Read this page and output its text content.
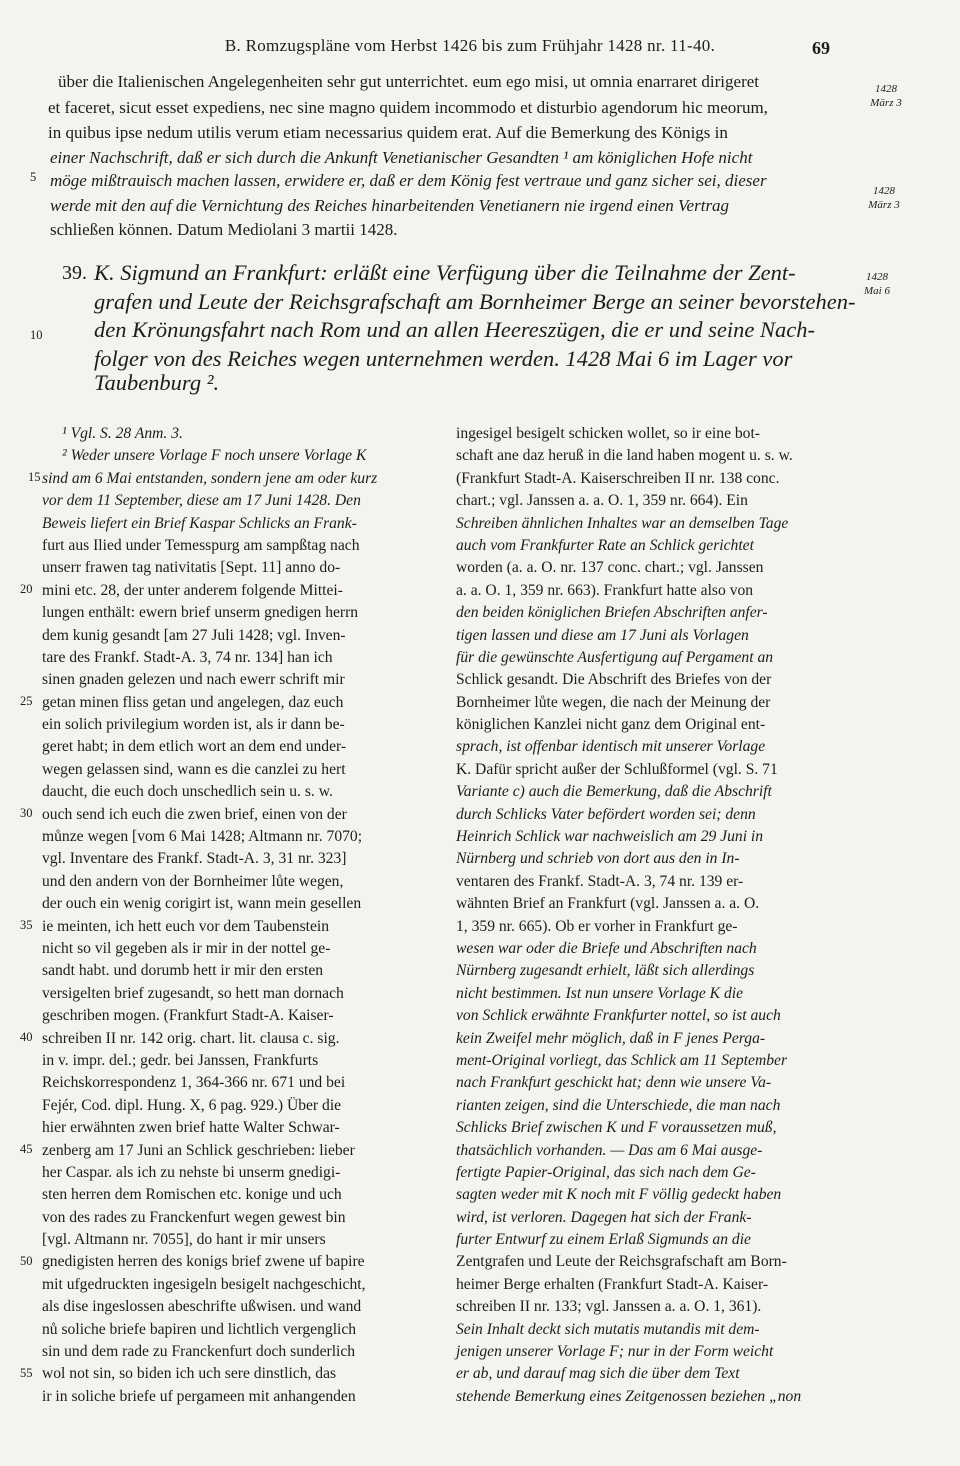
B. Romzugspläne vom Herbst 1426 bis zum Frühjahr 1428 nr. 11-40.	69
über die Italienischen Angelegenheiten sehr gut unterrichtet. eum ego misi, ut omnia enarraret dirigeret
et faceret, sicut esset expediens, nec sine magno quidem incommodo et disturbio agendorum hic meorum,
in quibus ipse nedum utilis verum etiam necessarius quidem erat. Auf die Bemerkung des Königs in
einer Nachschrift, daß er sich durch die Ankunft Venetianischer Gesandten ¹ am königlichen Hofe nicht
möge mißtrauisch machen lassen, erwidere er, daß er dem König fest vertraue und ganz sicher sei, dieser
werde mit den auf die Vernichtung des Reiches hinarbeitenden Venetianern nie irgend einen Vertrag
schließen können. Datum Mediolani 3 martii 1428.
1428
März 3
1428
März 3
39. K. Sigmund an Frankfurt: erläßt eine Verfügung über die Teilnahme der Zent-
grafen und Leute der Reichsgrafschaft am Bornheimer Berge an seiner bevorstehen-
den Krönungsfahrt nach Rom und an allen Heereszügen, die er und seine Nach-
folger von des Reiches wegen unternehmen werden. 1428 Mai 6 im Lager vor
Taubenburg ².
1428
Mai 6
5
10
15
20
25
30
35
40
45
50
55
¹ Vgl. S. 28 Anm. 3.
² Weder unsere Vorlage F noch unsere Vorlage K
sind am 6 Mai entstanden, sondern jene am oder kurz
vor dem 11 September, diese am 17 Juni 1428. Den
Beweis liefert ein Brief Kaspar Schlicks an Frank-
furt aus Ilied under Temesspurg am sampßtag nach
unserr frawen tag nativitatis [Sept. 11] anno do-
mini etc. 28, der unter anderem folgende Mittei-
lungen enthält: ewern brief unserm gnedigen herrn
dem kunig gesandt [am 27 Juli 1428; vgl. Inven-
tare des Frankf. Stadt-A. 3, 74 nr. 134] han ich
sinen gnaden gelezen und nach ewerr schrift mir
getan minen fliss getan und angelegen, daz euch
ein solich privilegium worden ist, als ir dann be-
geret habt; in dem etlich wort an dem end under-
wegen gelassen sind, wann es die canzlei zu hert
daucht, die euch doch unschedlich sein u. s. w.
ouch send ich euch die zwen brief, einen von der
můnze wegen [vom 6 Mai 1428; Altmann nr. 7070;
vgl. Inventare des Frankf. Stadt-A. 3, 31 nr. 323]
und den andern von der Bornheimer lůte wegen,
der ouch ein wenig corigirt ist, wann mein gesellen
ie meinten, ich hett euch vor dem Taubenstein
nicht so vil gegeben als ir mir in der nottel ge-
sandt habt. und dorumb hett ir mir den ersten
versigelten brief zugesandt, so hett man dornach
geschriben mogen. (Frankfurt Stadt-A. Kaiser-
schreiben II nr. 142 orig. chart. lit. clausa c. sig.
in v. impr. del.; gedr. bei Janssen, Frankfurts
Reichskorrespondenz 1, 364-366 nr. 671 und bei
Fejér, Cod. dipl. Hung. X, 6 pag. 929.) Über die
hier erwähnten zwen brief hatte Walter Schwar-
zenberg am 17 Juni an Schlick geschrieben: lieber
her Caspar. als ich zu nehste bi unserm gnedigi-
sten herren dem Romischen etc. konige und uch
von des rades zu Franckenfurt wegen gewest bin
[vgl. Altmann nr. 7055], do hant ir mir unsers
gnedigisten herren des konigs brief zwene uf bapire
mit ufgedruckten ingesigeln besigelt nachgeschicht,
als dise ingeslossen abeschrifte ußwisen. und wand
nů soliche briefe bapiren und lichtlich vergenglich
sin und dem rade zu Franckenfurt doch sunderlich
wol not sin, so biden ich uch sere dinstlich, das
ir in soliche briefe uf pergameen mit anhangenden
ingesigel besigelt schicken wollet, so ir eine bot-
schaft ane daz heruß in die land haben mogent u. s. w.
(Frankfurt Stadt-A. Kaiserschreiben II nr. 138 conc.
chart.; vgl. Janssen a. a. O. 1, 359 nr. 664). Ein
Schreiben ähnlichen Inhaltes war an demselben Tage
auch vom Frankfurter Rate an Schlick gerichtet
worden (a. a. O. nr. 137 conc. chart.; vgl. Janssen
a. a. O. 1, 359 nr. 663). Frankfurt hatte also von
den beiden königlichen Briefen Abschriften anfer-
tigen lassen und diese am 17 Juni als Vorlagen
für die gewünschte Ausfertigung auf Pergament an
Schlick gesandt. Die Abschrift des Briefes von der
Bornheimer lůte wegen, die nach der Meinung der
königlichen Kanzlei nicht ganz dem Original ent-
sprach, ist offenbar identisch mit unserer Vorlage
K. Dafür spricht außer der Schlußformel (vgl. S. 71
Variante c) auch die Bemerkung, daß die Abschrift
durch Schlicks Vater befördert worden sei; denn
Heinrich Schlick war nachweislich am 29 Juni in
Nürnberg und schrieb von dort aus den in In-
ventaren des Frankf. Stadt-A. 3, 74 nr. 139 er-
wähnten Brief an Frankfurt (vgl. Janssen a. a. O.
1, 359 nr. 665). Ob er vorher in Frankfurt ge-
wesen war oder die Briefe und Abschriften nach
Nürnberg zugesandt erhielt, läßt sich allerdings
nicht bestimmen. Ist nun unsere Vorlage K die
von Schlick erwähnte Frankfurter nottel, so ist auch
kein Zweifel mehr möglich, daß in F jenes Perga-
ment-Original vorliegt, das Schlick am 11 September
nach Frankfurt geschickt hat; denn wie unsere Va-
rianten zeigen, sind die Unterschiede, die man nach
Schlicks Brief zwischen K und F voraussetzen muß,
thatsächlich vorhanden. — Das am 6 Mai ausge-
fertigte Papier-Original, das sich nach dem Ge-
sagten weder mit K noch mit F völlig gedeckt haben
wird, ist verloren. Dagegen hat sich der Frank-
furter Entwurf zu einem Erlaß Sigmunds an die
Zentgrafen und Leute der Reichsgrafschaft am Born-
heimer Berge erhalten (Frankfurt Stadt-A. Kaiser-
schreiben II nr. 133; vgl. Janssen a. a. O. 1, 361).
Sein Inhalt deckt sich mutatis mutandis mit dem-
jenigen unserer Vorlage F; nur in der Form weicht
er ab, und darauf mag sich die über dem Text
stehende Bemerkung eines Zeitgenossen beziehen „non
